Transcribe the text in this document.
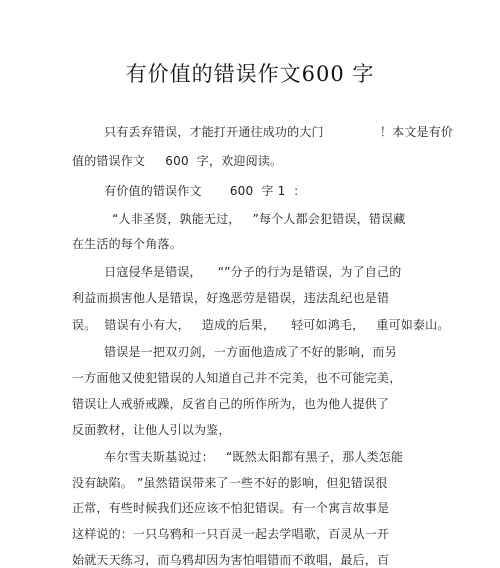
有价值的错误作文600 字
只有丢弃错误，才能打开通往成功的大门              ！本文是有价
值的错误作文     600  字，欢迎阅读。
有价值的错误作文       600  字 1  ：
“人非圣贤，孰能无过，   ”每个人都会犯错误，错误藏
在生活的每个角落。
日寇侵华是错误，    “”分子的行为是错误，为了自己的
利益而损害他人是错误，好逸恶劳是错误，违法乱纪也是错
误。  错误有小有大，   造成的后果，    轻可如鸿毛，   重可如泰山。
错误是一把双刃剑，一方面他造成了不好的影响，而另
一方面他又使犯错误的人知道自己并不完美，也不可能完美，
错误让人戒骄戒躁，反省自己的所作所为，也为他人提供了
反面教材，让他人引以为鉴，
车尔雪夫斯基说过：   “既然太阳都有黑子，那人类怎能
没有缺陷。 ”虽然错误带来了一些不好的影响，但犯错误很
正常，有些时候我们还应该不怕犯错误。有一个寓言故事是
这样说的：一只乌鸦和一只百灵一起去学唱歌，百灵从一开
始就天天练习，而乌鸦却因为害怕唱错而不敢唱，最后，百
